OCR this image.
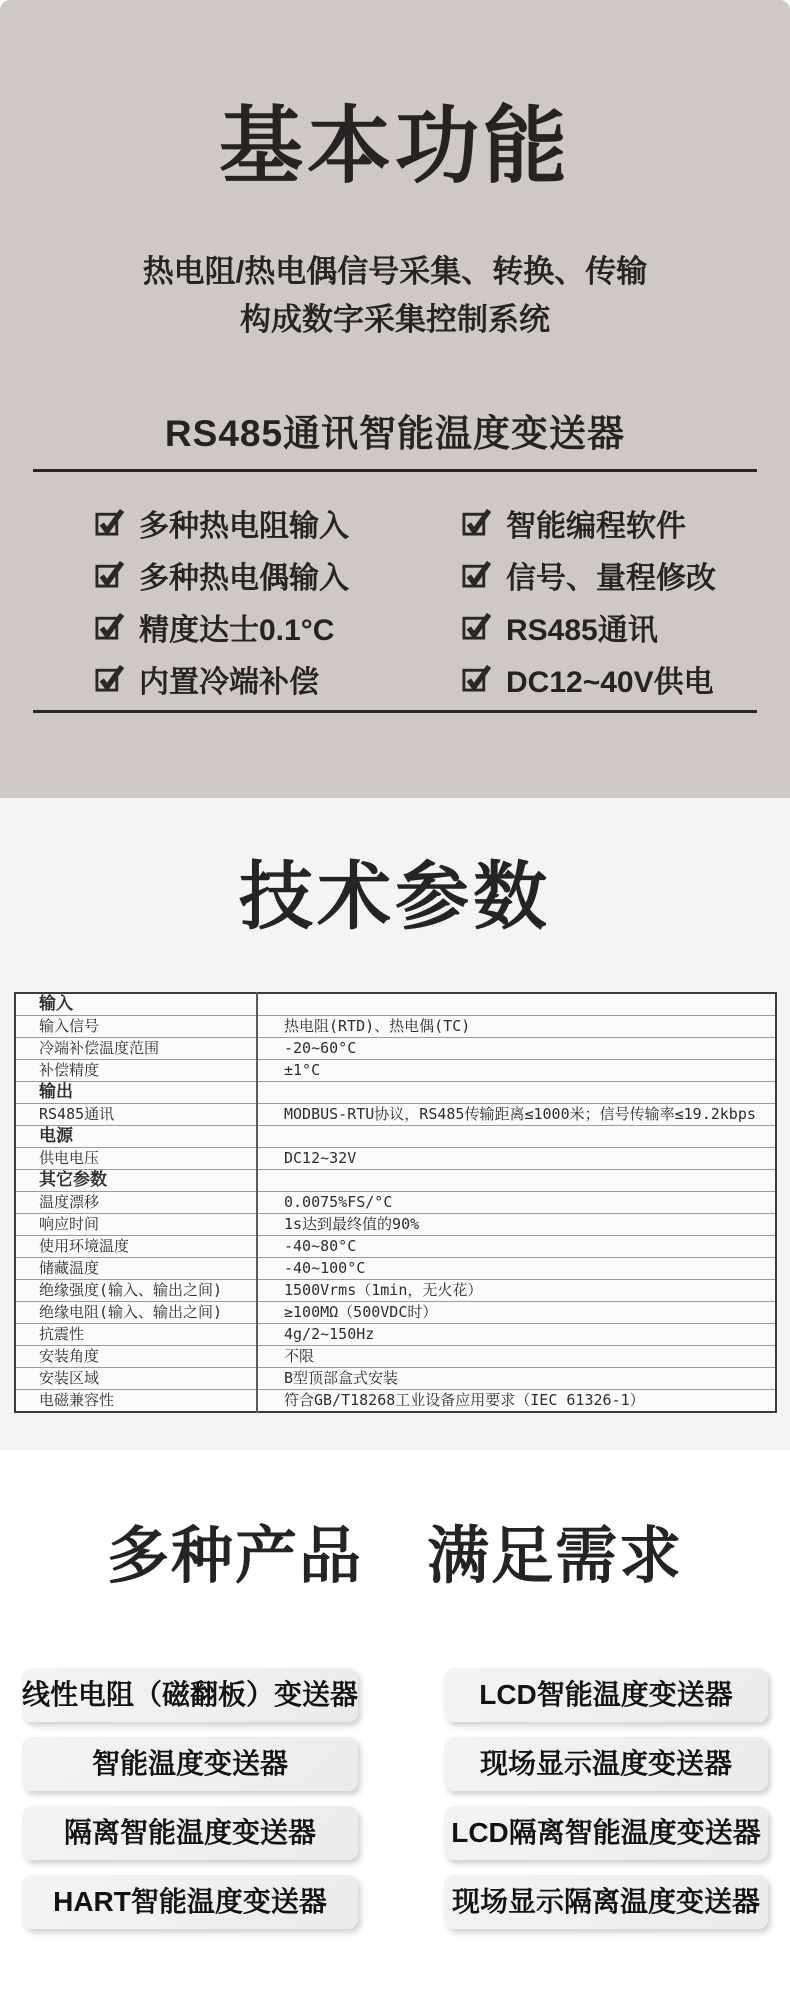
基本功能
热电阻/热电偶信号采集、转换、传输
构成数字采集控制系统
RS485通讯智能温度变送器
多种热电阻输入
多种热电偶输入
精度达士0.1°C
内置冷端补偿
智能编程软件
信号、量程修改
RS485通讯
DC12~40V供电
技术参数
输入	
输入信号	热电阻(RTD)、热电偶(TC)
冷端补偿温度范围	-20~60°C
补偿精度	±1°C
输出	
RS485通讯	MODBUS-RTU协议，RS485传输距离≤1000米；信号传输率≤19.2kbps
电源	
供电电压	DC12~32V
其它参数	
温度漂移	0.0075%FS/°C
响应时间	1s达到最终值的90%
使用环境温度	-40~80°C
储藏温度	-40~100°C
绝缘强度(输入、输出之间)	1500Vrms（1min，无火花）
绝缘电阻(输入、输出之间)	≥100MΩ（500VDC时）
抗震性	4g/2~150Hz
安装角度	不限
安装区域	B型顶部盒式安装
电磁兼容性	符合GB/T18268工业设备应用要求（IEC 61326-1）
多种产品　满足需求
线性电阻（磁翻板）变送器
智能温度变送器
隔离智能温度变送器
HART智能温度变送器
LCD智能温度变送器
现场显示温度变送器
LCD隔离智能温度变送器
现场显示隔离温度变送器
